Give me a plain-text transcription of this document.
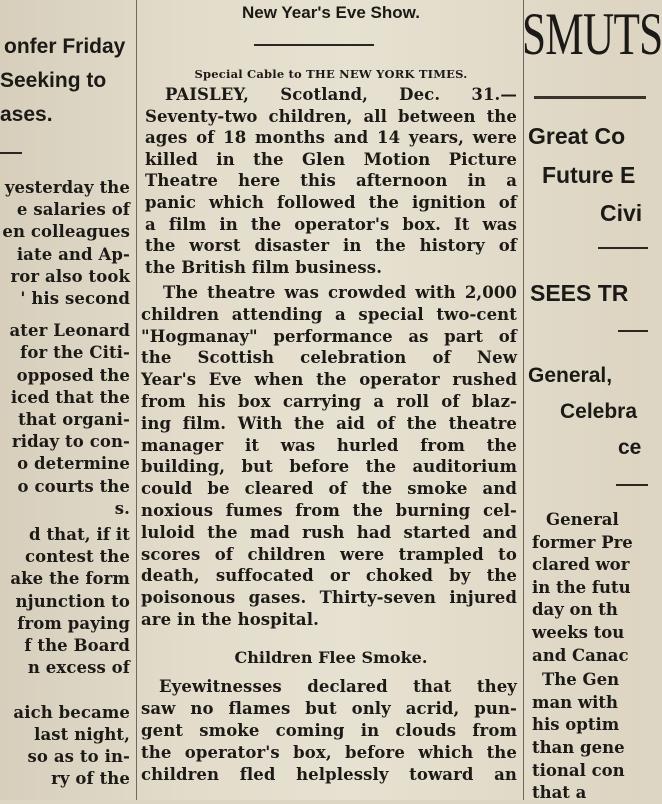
onfer Friday
Seeking to
ases.
yesterday the
e salaries of
en colleagues
iate and Ap-
ror also took
' his second
ater Leonard
for the Citi-
opposed the
iced that the
that organi-
riday to con-
o determine
o courts the
s.
d that, if it
contest the
ake the form
njunction to
from paying
f the Board
n excess of
aich became
last night,
so as to in-
ry of the
New Year's Eve Show.
Special Cable to THE NEW YORK TIMES.
PAISLEY, Scotland, Dec. 31.—
Seventy-two children, all between the
ages of 18 months and 14 years, were
killed in the Glen Motion Picture
Theatre here this afternoon in a
panic which followed the ignition of
a film in the operator's box. It was
the worst disaster in the history of
the British film business.
The theatre was crowded with 2,000
children attending a special two-cent
"Hogmanay" performance as part of
the Scottish celebration of New
Year's Eve when the operator rushed
from his box carrying a roll of blaz-
ing film. With the aid of the theatre
manager it was hurled from the
building, but before the auditorium
could be cleared of the smoke and
noxious fumes from the burning cel-
luloid the mad rush had started and
scores of children were trampled to
death, suffocated or choked by the
poisonous gases. Thirty-seven injured
are in the hospital.
Eyewitnesses declared that they
saw no flames but only acrid, pun-
gent smoke coming in clouds from
the operator's box, before which the
children fled helplessly toward an
Children Flee Smoke.
SMUTS
Great Co
Future E
Civi
SEES TR
General,
Celebra
ce
General
former Pre
clared wor
in the futu
day on th
weeks tou
and Canac
The Gen
man with
his optim
than gene
tional con
that a
